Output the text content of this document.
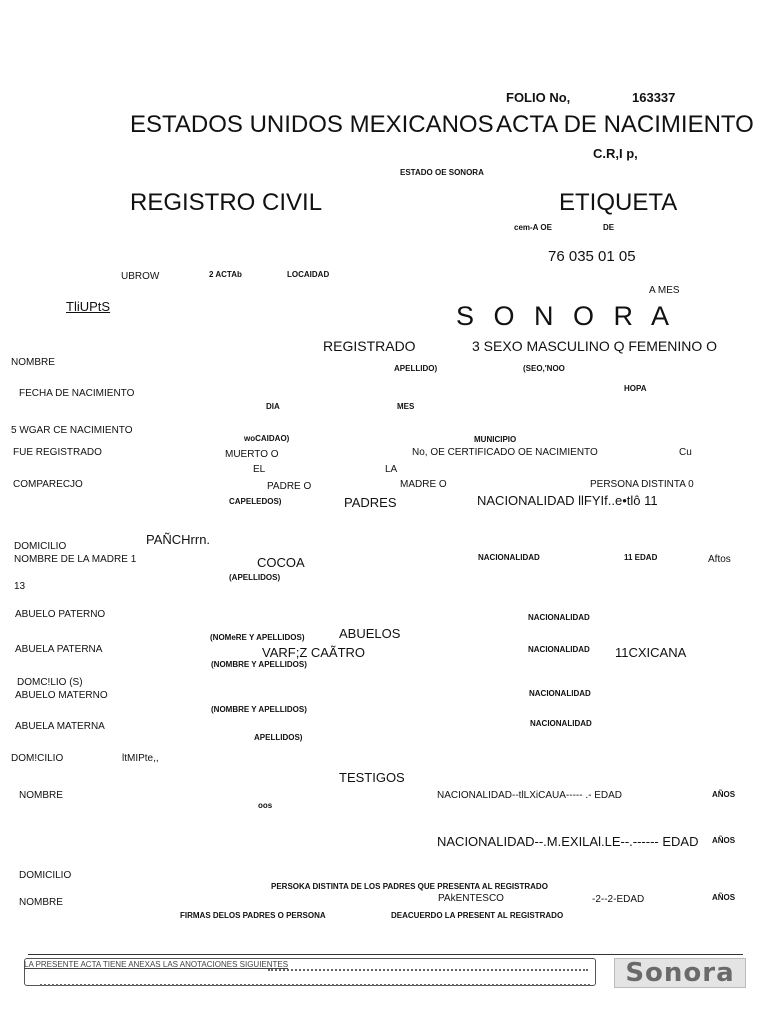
FOLIO No,	163337
ESTADOS UNIDOS MEXICANOS ACTA DE NACIMIENTO
C.R,I p,
ESTADO OE SONORA
REGISTRO CIVIL	ETIQUETA
cem-A OE	DE
76 035 01 05
UBROW	2 ACTAb	LOCAIDAD
A MES
TliUPtS	S O N O R A
REGISTRADO	3 SEXO MASCULINO Q FEMENINO O
NOMBRE
APELLIDO)	(SEO,'NOO
FECHA DE NACIMIENTO	HOPA
DIA	MES
5 WGAR CE NACIMIENTO
woCAIDAO)	MUNICIPIO
FUE REGISTRADO	MUERTO O	No, OE CERTIFICADO OE NACIMIENTO	Cu
EL	LA
COMPARECJO	PADRE O	MADRE O	PERSONA DISTINTA 0
CAPELEDOS)	PADRES	NACIONALIDAD llFYIf..e•tlô 11
PAÑCHrrn.
DOMICILIO
NOMBRE DE LA MADRE 1	COCOA	NACIONALIDAD	11 EDAD	Aftos
(APELLIDOS)
13
ABUELO PATERNO	NACIONALIDAD
(NOMeRE Y APELLIDOS)	ABUELOS
ABUELA PATERNA	VARF;Z CAÃTRO	NACIONALIDAD 11CXICANA
(NOMBRE Y APELLIDOS)
DOMC!LIO (S)
ABUELO MATERNO	NACIONALIDAD
(NOMBRE Y APELLIDOS)
ABUELA MATERNA	NACIONALIDAD
APELLIDOS)
DOM!CILIO	ltMIPte,,
TESTIGOS
NOMBRE	NACIONALIDAD--tlLXiCAUA----- .- EDAD	AÑOS
oos
NACIONALIDAD--.M.EXILAl.LE--.------ EDAD AÑOS
DOMICILIO
PERSOKA DISTINTA DE LOS PADRES QUE PRESENTA AL REGISTRADO
PAkENTESCO	-2--2-EDAD	AÑOS
NOMBRE
FIRMAS DELOS PADRES O PERSONA	DEACUERDO LA PRESENT AL REGISTRADO
LA PRESENTE ACTA TIENE ANEXAS LAS ANOTACIONES SIGUIENTES	Sonora
